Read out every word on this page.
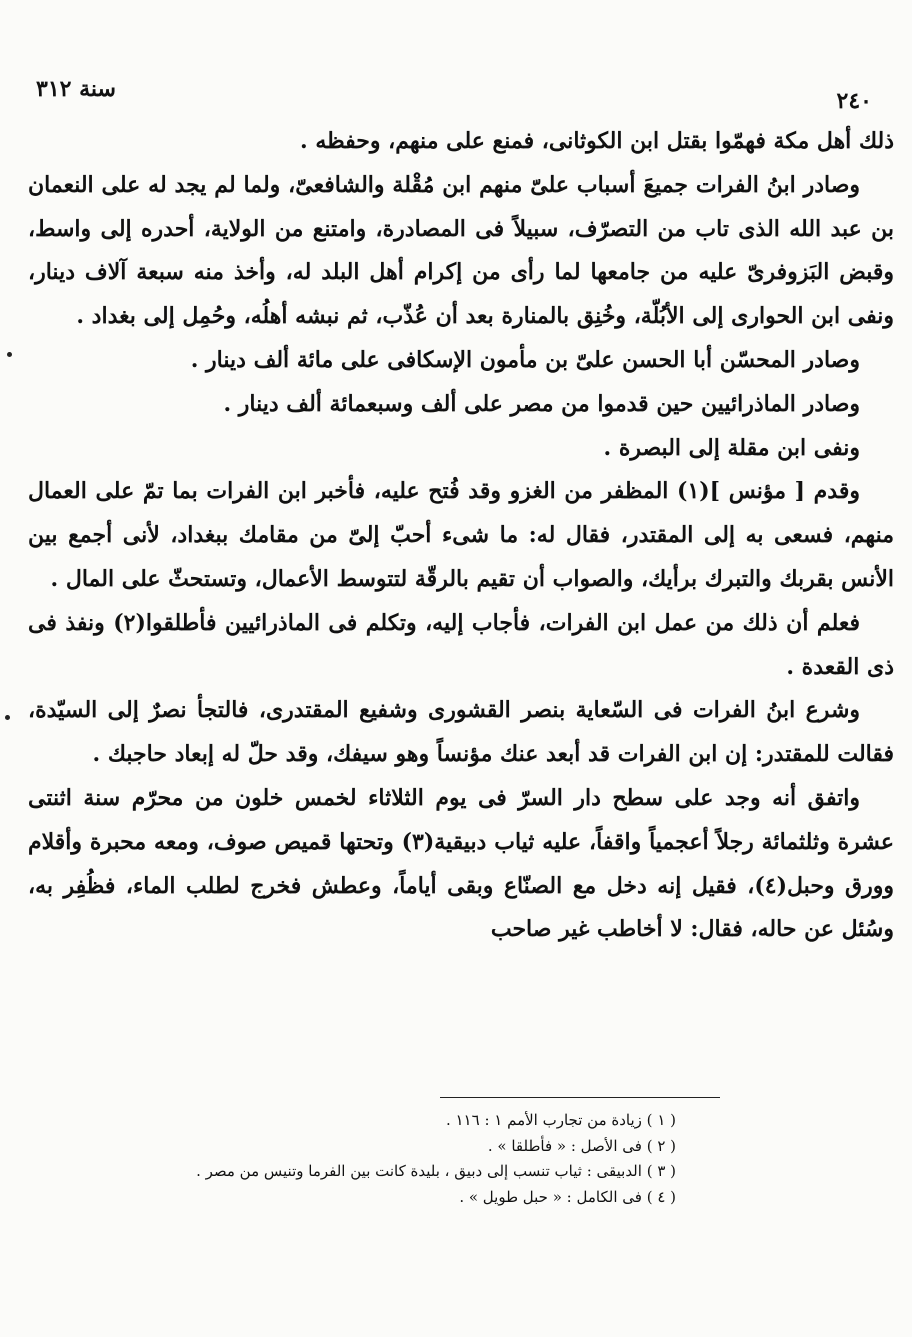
سنة ٣١٢	٢٤٠

ذلك أهل مكة فهمّوا بقتل ابن الكوثانى، فمنع على منهم، وحفظه .

وصادر ابنُ الفرات جميعَ أسباب علىّ منهم ابن مُقْلة والشافعىّ، ولما لم يجد له على النعمان بن عبد الله الذى تاب من التصرّف، سبيلاً فى المصادرة، وامتنع من الولاية، أحدره إلى واسط، وقبض البَزوفرىّ عليه من جامعها لما رأى من إكرام أهل البلد له، وأخذ منه سبعة آلاف دينار، ونفى ابن الحوارى إلى الأبُلّة، وخُنِق بالمنارة بعد أن عُذّب، ثم نبشه أهلُه، وحُمِل إلى بغداد .

وصادر المحسّن أبا الحسن علىّ بن مأمون الإسكافى على مائة ألف دينار .

وصادر الماذرائيين حين قدموا من مصر على ألف وسبعمائة ألف دينار .

ونفى ابن مقلة إلى البصرة .

وقدم [ مؤنس ](١) المظفر من الغزو وقد فُتح عليه، فأخبر ابن الفرات بما تمّ على العمال منهم، فسعى به إلى المقتدر، فقال له: ما شىء أحبّ إلىّ من مقامك ببغداد، لأنى أجمع بين الأنس بقربك والتبرك برأيك، والصواب أن تقيم بالرقّة لتتوسط الأعمال، وتستحثّ على المال .

فعلم أن ذلك من عمل ابن الفرات، فأجاب إليه، وتكلم فى الماذرائيين فأطلقوا(٢) ونفذ فى ذى القعدة .

وشرع ابنُ الفرات فى السّعاية بنصر القشورى وشفيع المقتدرى، فالتجأ نصرٌ إلى السيّدة، فقالت للمقتدر: إن ابن الفرات قد أبعد عنك مؤنساً وهو سيفك، وقد حلّ له إبعاد حاجبك .

واتفق أنه وجد على سطح دار السرّ فى يوم الثلاثاء لخمس خلون من محرّم سنة اثنتى عشرة وثلثمائة رجلاً أعجمياً واقفاً، عليه ثياب دبيقية(٣) وتحتها قميص صوف، ومعه محبرة وأقلام وورق وحبل(٤)، فقيل إنه دخل مع الصنّاع وبقى أياماً، وعطش فخرج لطلب الماء، فظُفِر به، وسُئل عن حاله، فقال: لا أخاطب غير صاحب

( ١ ) زيادة من تجارب الأمم ١ : ١١٦ .

( ٢ ) فى الأصل : « فأطلقا » .

( ٣ ) الدبيقى : ثياب تنسب إلى دبيق ، بليدة كانت بين الفرما وتنيس من مصر .

( ٤ ) فى الكامل : « حبل طويل » .
